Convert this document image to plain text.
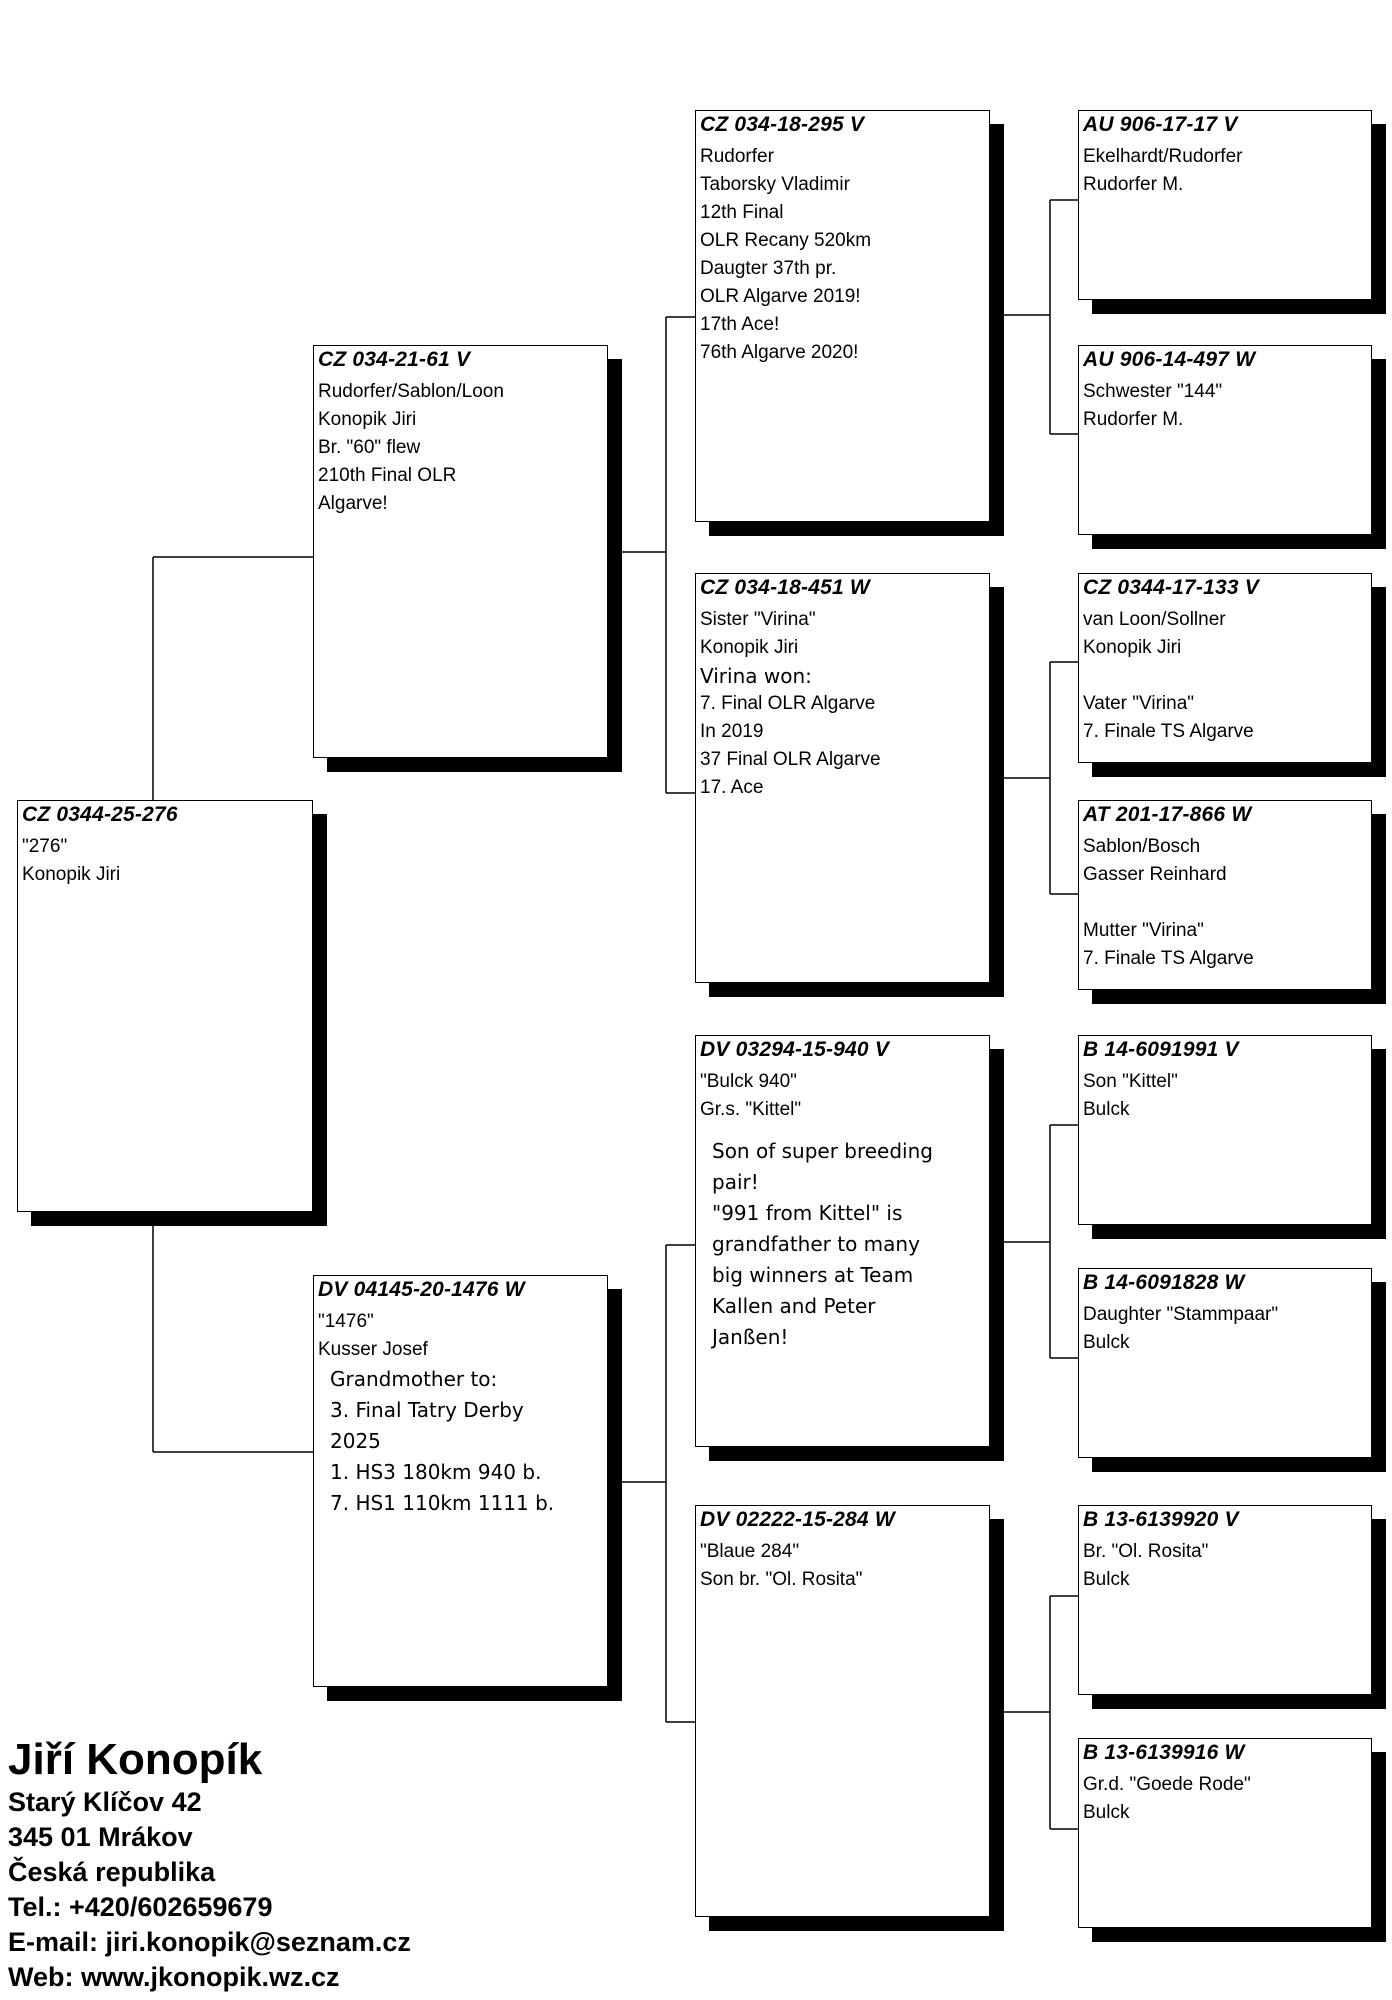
CZ 0344-25-276
"276"
Konopik Jiri
CZ 034-21-61 V
Rudorfer/Sablon/Loon
Konopik Jiri
Br. "60" flew
210th Final OLR
Algarve!
DV 04145-20-1476 W
"1476"
Kusser Josef
Grandmother to:
3. Final Tatry Derby
2025
1. HS3 180km 940 b.
7. HS1 110km 1111 b.
CZ 034-18-295 V
Rudorfer
Taborsky Vladimir
12th Final
OLR Recany 520km
Daugter 37th pr.
OLR Algarve 2019!
17th Ace!
76th Algarve 2020!
CZ 034-18-451 W
Sister "Virina"
Konopik Jiri
Virina won:
7. Final OLR Algarve
In 2019
37 Final OLR Algarve
17. Ace
DV 03294-15-940 V
"Bulck 940"
Gr.s. "Kittel"
Son of super breeding
pair!
"991 from Kittel" is
grandfather to many
big winners at Team
Kallen and Peter
Janßen!
DV 02222-15-284 W
"Blaue 284"
Son br. "Ol. Rosita"
AU 906-17-17 V
Ekelhardt/Rudorfer
Rudorfer M.
AU 906-14-497 W
Schwester "144"
Rudorfer M.
CZ 0344-17-133 V
van Loon/Sollner
Konopik Jiri
Vater "Virina"
7. Finale TS Algarve
AT 201-17-866 W
Sablon/Bosch
Gasser Reinhard
Mutter "Virina"
7. Finale TS Algarve
B 14-6091991 V
Son "Kittel"
Bulck
B 14-6091828 W
Daughter "Stammpaar"
Bulck
B 13-6139920 V
Br. "Ol. Rosita"
Bulck
B 13-6139916 W
Gr.d. "Goede Rode"
Bulck
Jiří Konopík
Starý Klíčov 42
345 01 Mrákov
Česká republika
Tel.: +420/602659679
E-mail: jiri.konopik@seznam.cz
Web: www.jkonopik.wz.cz
